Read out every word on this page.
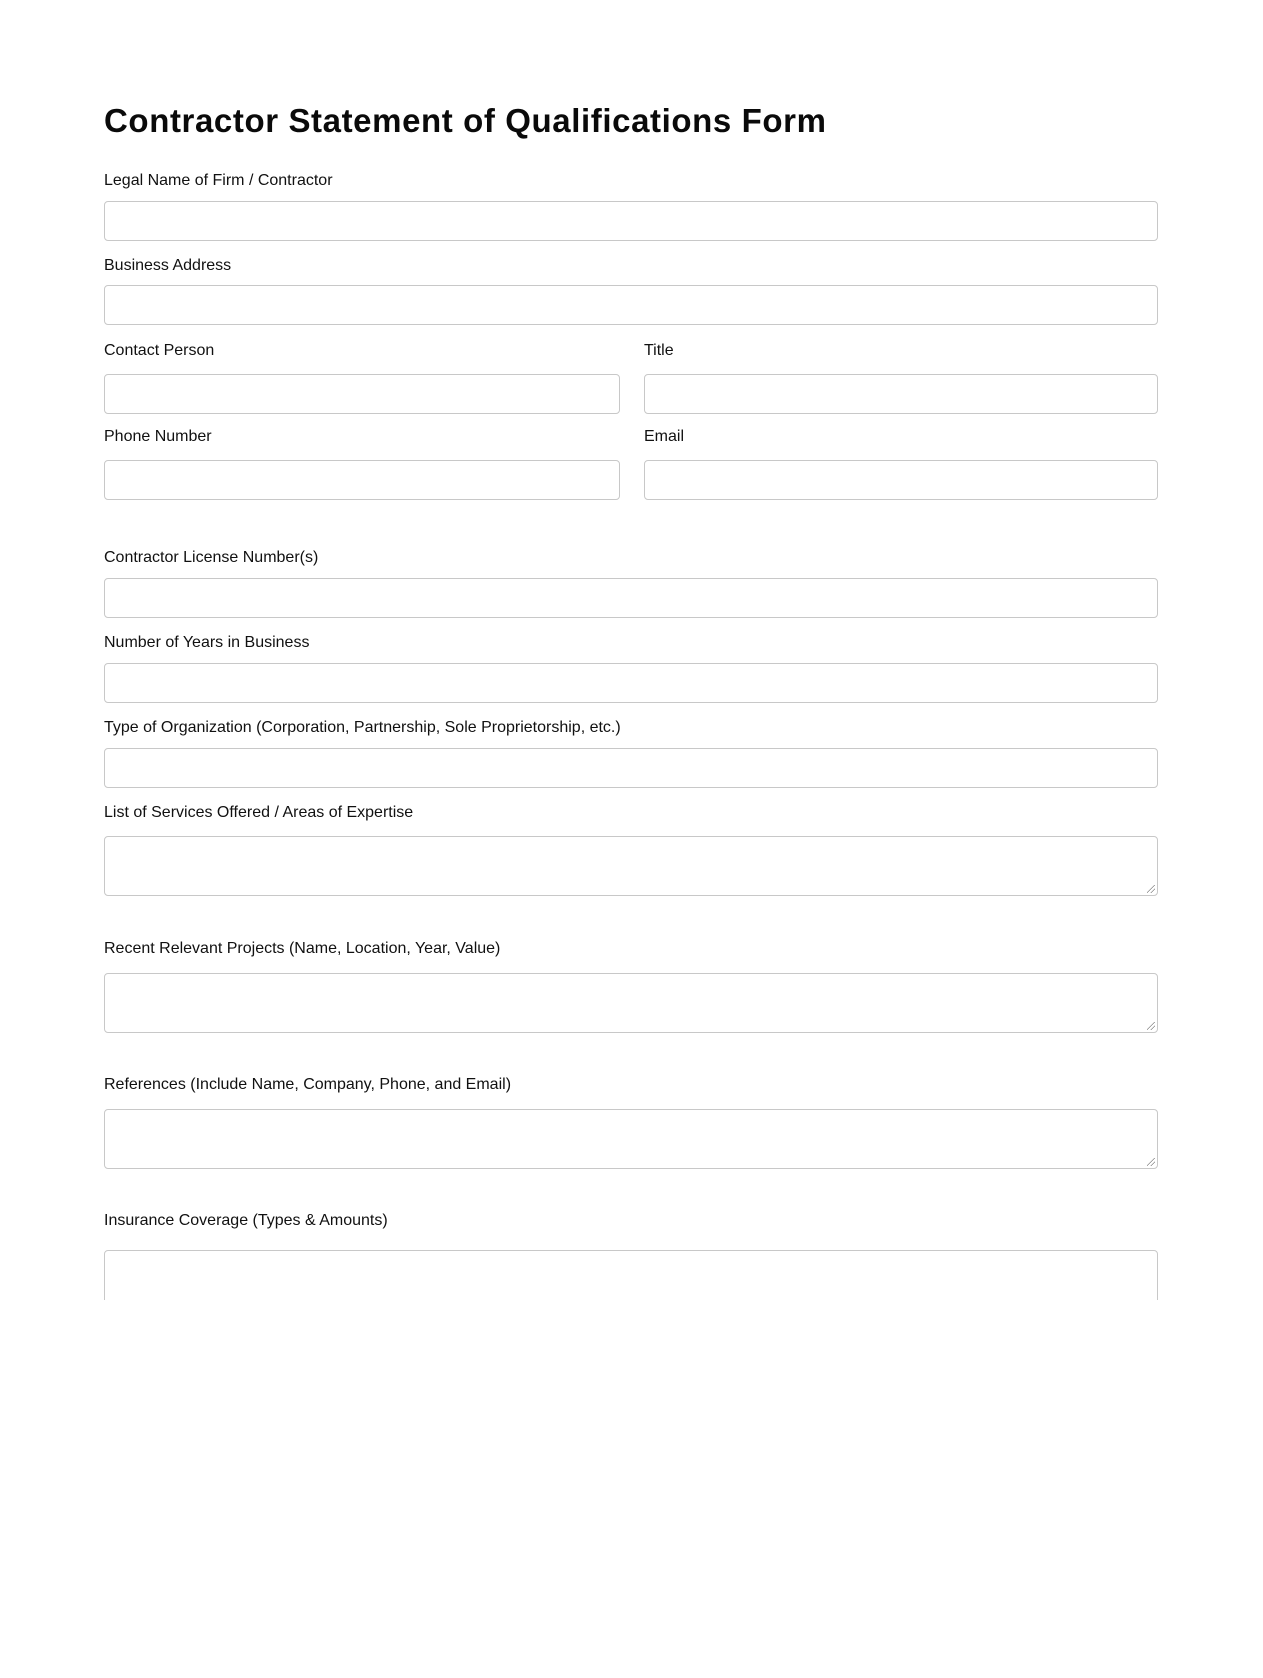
Contractor Statement of Qualifications Form
Legal Name of Firm / Contractor
Business Address
Contact Person	Title
Phone Number	Email
Contractor License Number(s)
Number of Years in Business
Type of Organization (Corporation, Partnership, Sole Proprietorship, etc.)
List of Services Offered / Areas of Expertise
Recent Relevant Projects (Name, Location, Year, Value)
References (Include Name, Company, Phone, and Email)
Insurance Coverage (Types & Amounts)
